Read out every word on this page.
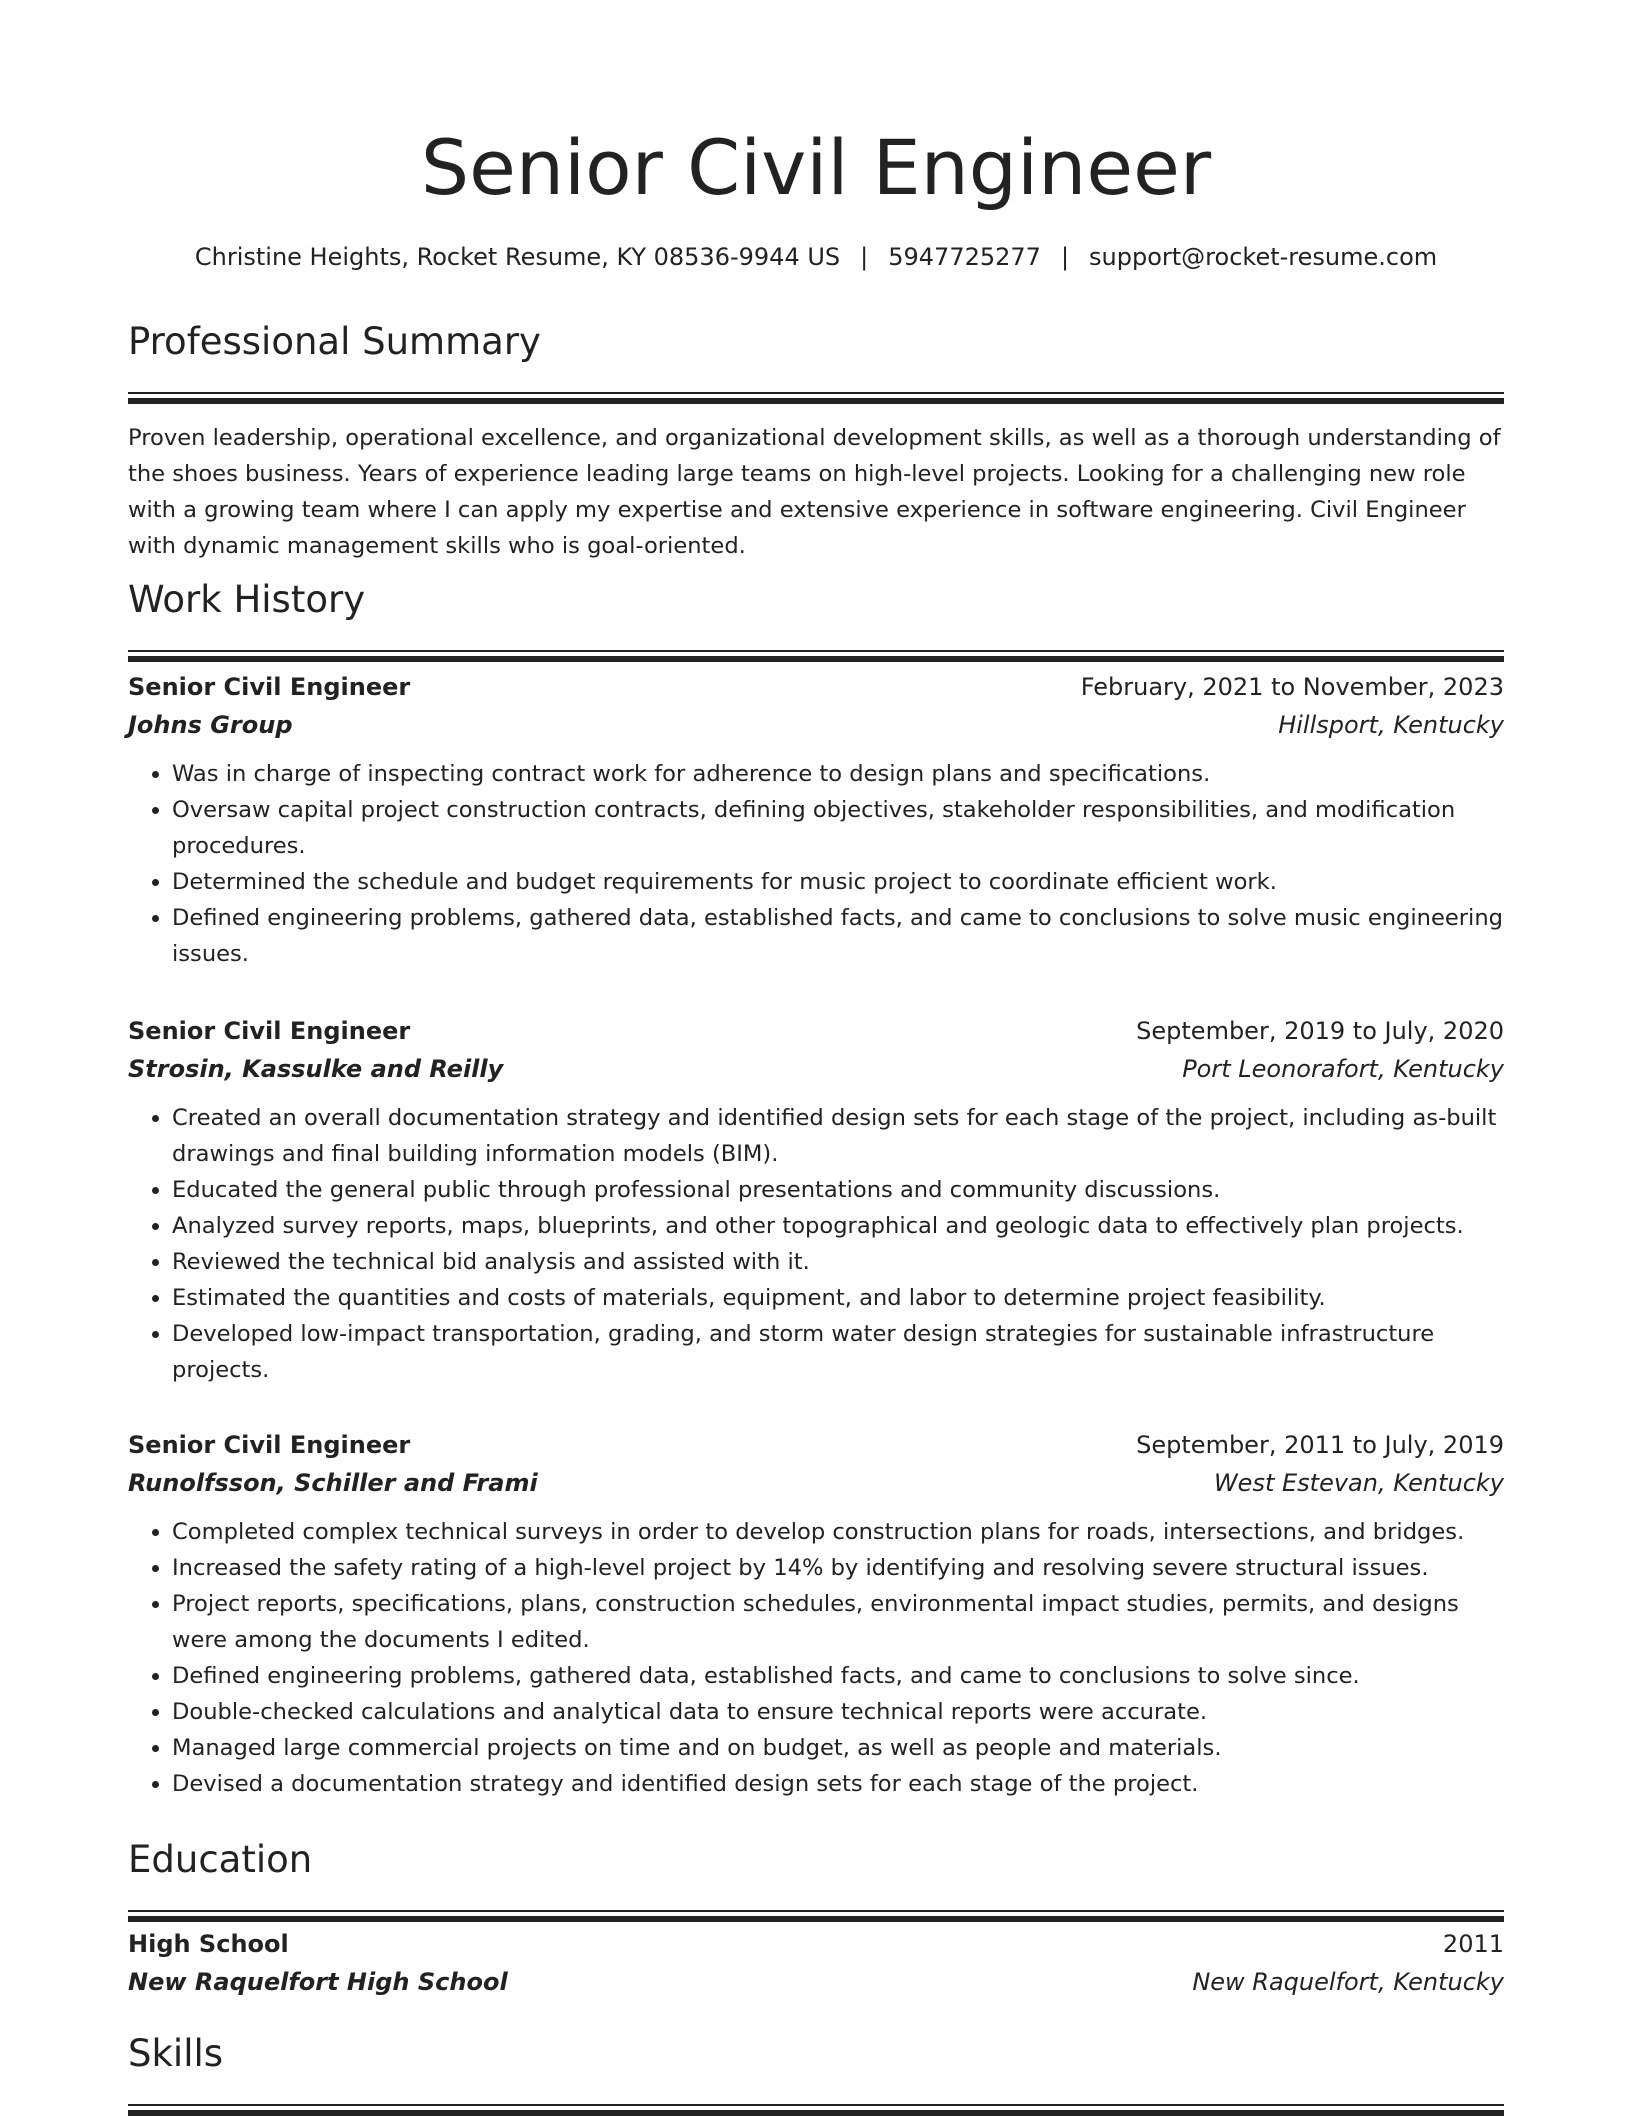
Senior Civil Engineer
Christine Heights, Rocket Resume, KY 08536-9944 US | 5947725277 | support@rocket-resume.com
Professional Summary
Proven leadership, operational excellence, and organizational development skills, as well as a thorough understanding of the shoes business. Years of experience leading large teams on high-level projects. Looking for a challenging new role with a growing team where I can apply my expertise and extensive experience in software engineering. Civil Engineer with dynamic management skills who is goal-oriented.
Work History
Senior Civil Engineer	February, 2021 to November, 2023
Johns Group	Hillsport, Kentucky
• Was in charge of inspecting contract work for adherence to design plans and specifications.
• Oversaw capital project construction contracts, defining objectives, stakeholder responsibilities, and modification procedures.
• Determined the schedule and budget requirements for music project to coordinate efficient work.
• Defined engineering problems, gathered data, established facts, and came to conclusions to solve music engineering issues.
Senior Civil Engineer	September, 2019 to July, 2020
Strosin, Kassulke and Reilly	Port Leonorafort, Kentucky
• Created an overall documentation strategy and identified design sets for each stage of the project, including as-built drawings and final building information models (BIM).
• Educated the general public through professional presentations and community discussions.
• Analyzed survey reports, maps, blueprints, and other topographical and geologic data to effectively plan projects.
• Reviewed the technical bid analysis and assisted with it.
• Estimated the quantities and costs of materials, equipment, and labor to determine project feasibility.
• Developed low-impact transportation, grading, and storm water design strategies for sustainable infrastructure projects.
Senior Civil Engineer	September, 2011 to July, 2019
Runolfsson, Schiller and Frami	West Estevan, Kentucky
• Completed complex technical surveys in order to develop construction plans for roads, intersections, and bridges.
• Increased the safety rating of a high-level project by 14% by identifying and resolving severe structural issues.
• Project reports, specifications, plans, construction schedules, environmental impact studies, permits, and designs were among the documents I edited.
• Defined engineering problems, gathered data, established facts, and came to conclusions to solve since.
• Double-checked calculations and analytical data to ensure technical reports were accurate.
• Managed large commercial projects on time and on budget, as well as people and materials.
• Devised a documentation strategy and identified design sets for each stage of the project.
Education
High School	2011
New Raquelfort High School	New Raquelfort, Kentucky
Skills
